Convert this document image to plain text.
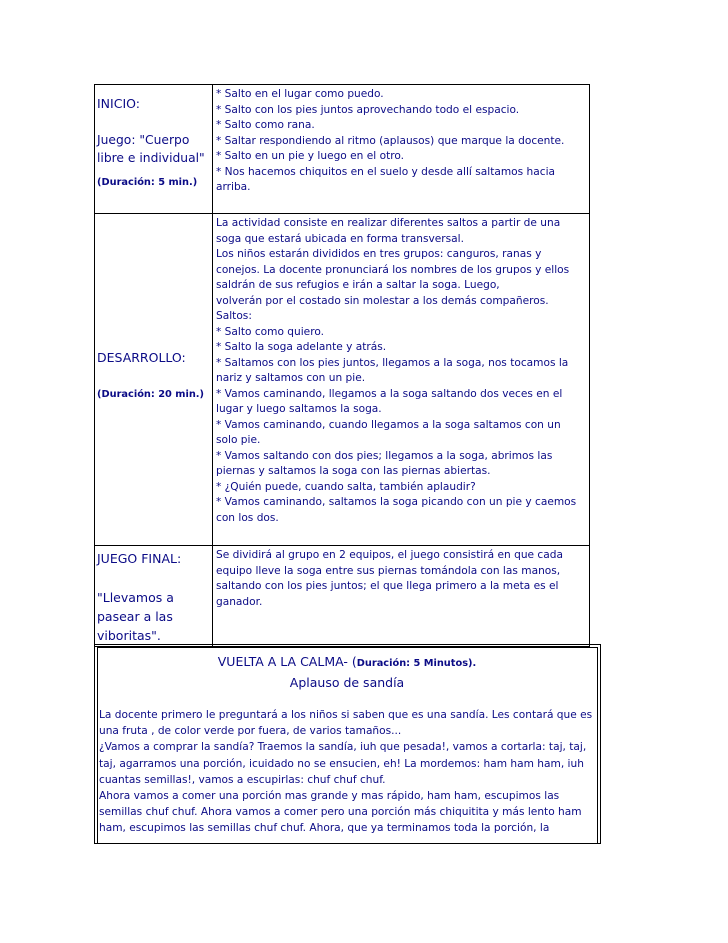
INICIO:
Juego: "Cuerpo libre e individual"
(Duración: 5 min.)

* Salto en el lugar como puedo.

* Salto con los pies juntos aprovechando todo el espacio.

* Salto como rana.

* Saltar respondiendo al ritmo (aplausos) que marque la docente.

* Salto en un pie y luego en el otro.

* Nos hacemos chiquitos en el suelo y desde allí saltamos hacia arriba.

DESARROLLO:
(Duración: 20 min.)

La actividad consiste en realizar diferentes saltos a partir de una soga que estará ubicada en forma transversal.

Los niños estarán divididos en tres grupos: canguros, ranas y conejos. La docente pronunciará los nombres de los grupos y ellos saldrán de sus refugios e irán a saltar la soga. Luego,

volverán por el costado sin molestar a los demás compañeros.

Saltos:

* Salto como quiero.

* Salto la soga adelante y atrás.

* Saltamos con los pies juntos, llegamos a la soga, nos tocamos la nariz y saltamos con un pie.

* Vamos caminando, llegamos a la soga saltando dos veces en el lugar y luego saltamos la soga.

* Vamos caminando, cuando llegamos a la soga saltamos con un solo pie.

* Vamos saltando con dos pies; llegamos a la soga, abrimos las piernas y saltamos la soga con las piernas abiertas.

* ¿Quién puede, cuando salta, también aplaudir?

* Vamos caminando, saltamos la soga picando con un pie y caemos con los dos.

JUEGO FINAL:
"Llevamos a pasear a las viboritas".

Se dividirá al grupo en 2 equipos, el juego consistirá en que cada equipo lleve la soga entre sus piernas tomándola con las manos, saltando con los pies juntos; el que llega primero a la meta es el ganador.

VUELTA A LA CALMA- (Duración: 5 Minutos).
Aplauso de sandía

La docente primero le preguntará a los niños si saben que es una sandía. Les contará que es una fruta , de color verde por fuera, de varios tamaños...

¿Vamos a comprar la sandía? Traemos la sandía, iuh que pesada!, vamos a cortarla: taj, taj, taj, agarramos una porción, icuidado no se ensucien, eh! La mordemos: ham ham ham, iuh cuantas semillas!, vamos a escupirlas: chuf chuf chuf.

Ahora vamos a comer una porción mas grande y mas rápido, ham ham, escupimos las semillas chuf chuf. Ahora vamos a comer pero una porción más chiquitita y más lento ham ham, escupimos las semillas chuf chuf. Ahora, que ya terminamos toda la porción, la
